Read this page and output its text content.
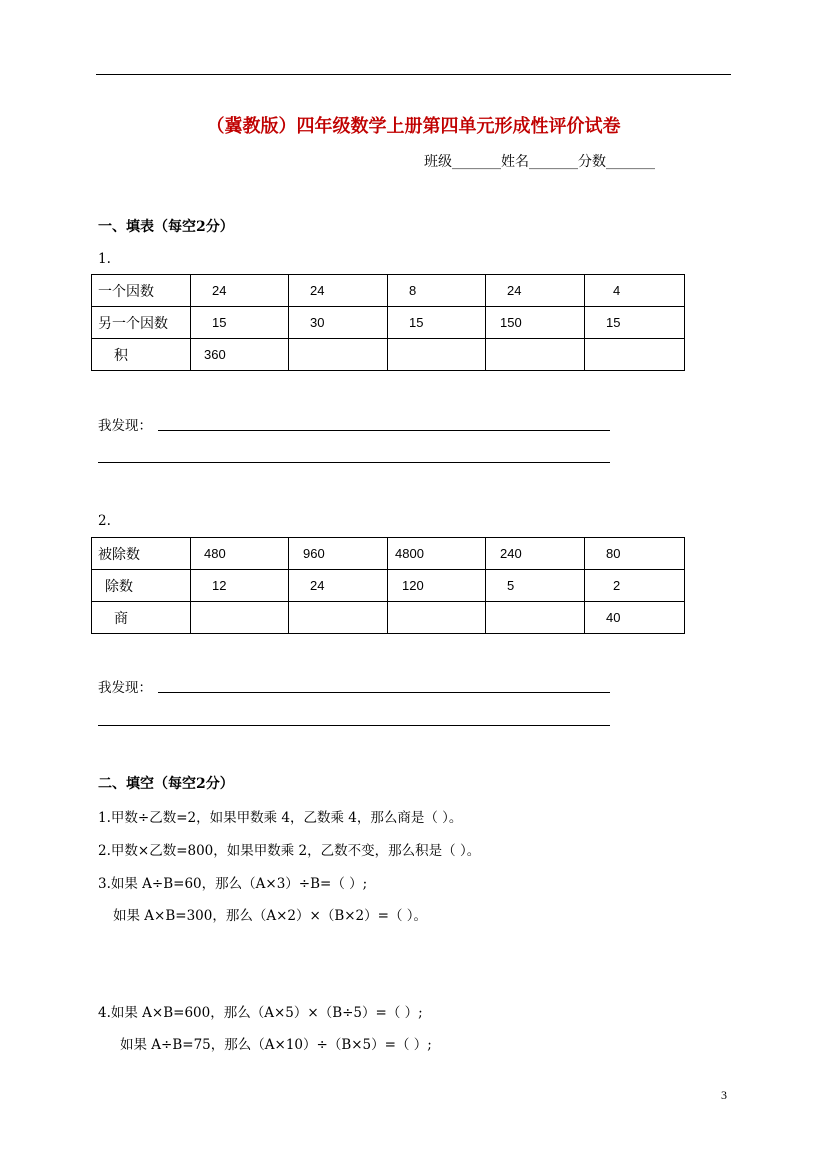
（冀教版）四年级数学上册第四单元形成性评价试卷
班级_______姓名_______分数_______
一、填表（每空2分）
1.
一个因数	24	24	8	24	4
另一个因数	15	30	15	150	15
积	360				
我发现：
2.
被除数	480	960	4800	240	80
除数	12	24	120	5	2
商					40
我发现：
二、填空（每空2分）
1.甲数÷乙数=2，如果甲数乘 4，乙数乘 4，那么商是（ ）。
2.甲数×乙数=800，如果甲数乘 2，乙数不变，那么积是（ ）。
3.如果 A÷B=60，那么（A×3）÷B=（ ）;
如果 A×B=300，那么（A×2）×（B×2）=（ ）。
4.如果 A×B=600，那么（A×5）×（B÷5）=（ ）;
如果 A÷B=75，那么（A×10）÷（B×5）=（ ）;
3
